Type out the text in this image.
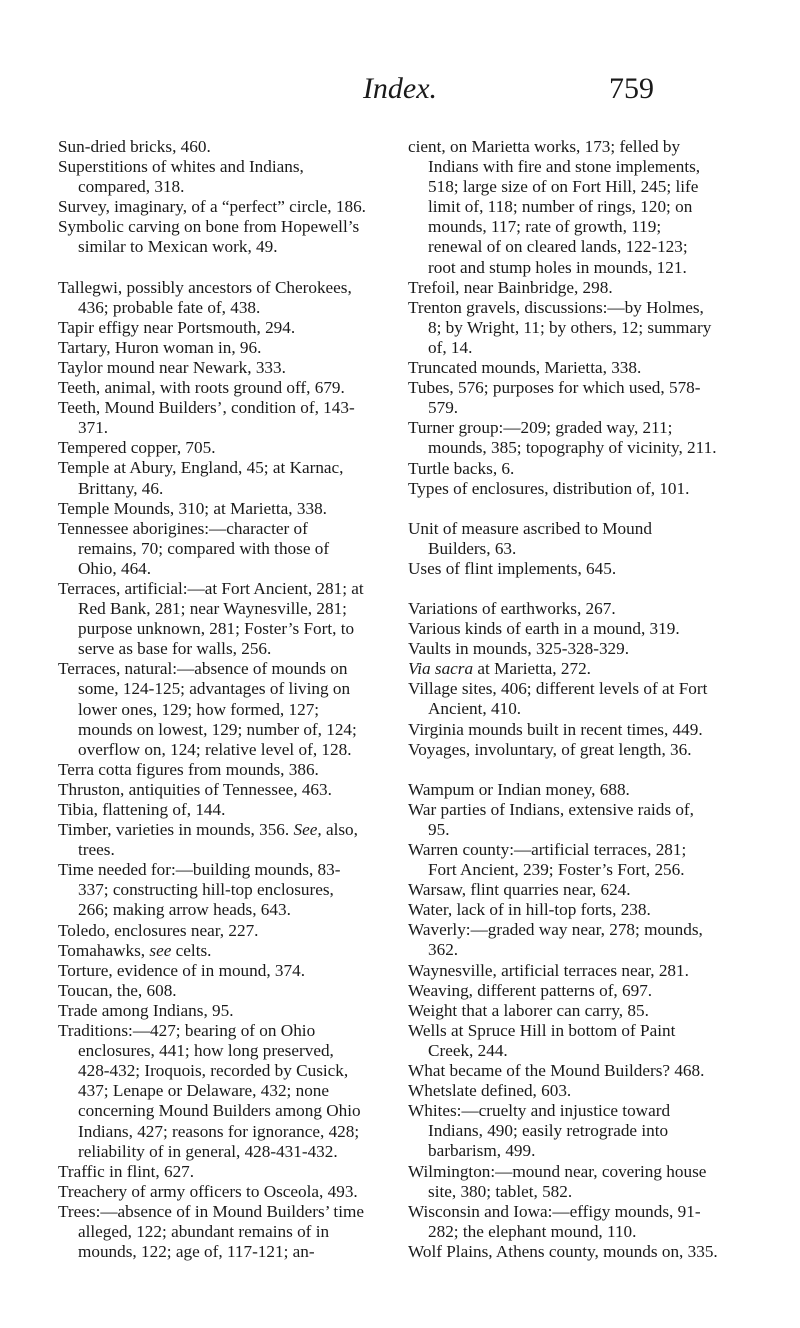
Index.	759

Sun-dried bricks, 460.

Superstitions of whites and Indians, compared, 318.

Survey, imaginary, of a “perfect” circle, 186.

Symbolic carving on bone from Hopewell’s similar to Mexican work, 49.

Tallegwi, possibly ancestors of Cherokees, 436; probable fate of, 438.

Tapir effigy near Portsmouth, 294.

Tartary, Huron woman in, 96.

Taylor mound near Newark, 333.

Teeth, animal, with roots ground off, 679.

Teeth, Mound Builders’, condition of, 143-371.

Tempered copper, 705.

Temple at Abury, England, 45; at Karnac, Brittany, 46.

Temple Mounds, 310; at Marietta, 338.

Tennessee aborigines:—character of remains, 70; compared with those of Ohio, 464.

Terraces, artificial:—at Fort Ancient, 281; at Red Bank, 281; near Waynesville, 281; purpose unknown, 281; Foster’s Fort, to serve as base for walls, 256.

Terraces, natural:—absence of mounds on some, 124-125; advantages of living on lower ones, 129; how formed, 127; mounds on lowest, 129; number of, 124; overflow on, 124; relative level of, 128.

Terra cotta figures from mounds, 386.

Thruston, antiquities of Tennessee, 463.

Tibia, flattening of, 144.

Timber, varieties in mounds, 356. See, also, trees.

Time needed for:—building mounds, 83-337; constructing hill-top enclosures, 266; making arrow heads, 643.

Toledo, enclosures near, 227.

Tomahawks, see celts.

Torture, evidence of in mound, 374.

Toucan, the, 608.

Trade among Indians, 95.

Traditions:—427; bearing of on Ohio enclosures, 441; how long preserved, 428-432; Iroquois, recorded by Cusick, 437; Lenape or Delaware, 432; none concerning Mound Builders among Ohio Indians, 427; reasons for ignorance, 428; reliability of in general, 428-431-432.

Traffic in flint, 627.

Treachery of army officers to Osceola, 493.

Trees:—absence of in Mound Builders’ time alleged, 122; abundant remains of in mounds, 122; age of, 117-121; an-

cient, on Marietta works, 173; felled by Indians with fire and stone implements, 518; large size of on Fort Hill, 245; life limit of, 118; number of rings, 120; on mounds, 117; rate of growth, 119; renewal of on cleared lands, 122-123; root and stump holes in mounds, 121.

Trefoil, near Bainbridge, 298.

Trenton gravels, discussions:—by Holmes, 8; by Wright, 11; by others, 12; summary of, 14.

Truncated mounds, Marietta, 338.

Tubes, 576; purposes for which used, 578-579.

Turner group:—209; graded way, 211; mounds, 385; topography of vicinity, 211.

Turtle backs, 6.

Types of enclosures, distribution of, 101.

Unit of measure ascribed to Mound Builders, 63.

Uses of flint implements, 645.

Variations of earthworks, 267.

Various kinds of earth in a mound, 319.

Vaults in mounds, 325-328-329.

Via sacra at Marietta, 272.

Village sites, 406; different levels of at Fort Ancient, 410.

Virginia mounds built in recent times, 449.

Voyages, involuntary, of great length, 36.

Wampum or Indian money, 688.

War parties of Indians, extensive raids of, 95.

Warren county:—artificial terraces, 281; Fort Ancient, 239; Foster’s Fort, 256.

Warsaw, flint quarries near, 624.

Water, lack of in hill-top forts, 238.

Waverly:—graded way near, 278; mounds, 362.

Waynesville, artificial terraces near, 281.

Weaving, different patterns of, 697.

Weight that a laborer can carry, 85.

Wells at Spruce Hill in bottom of Paint Creek, 244.

What became of the Mound Builders? 468.

Whetslate defined, 603.

Whites:—cruelty and injustice toward Indians, 490; easily retrograde into barbarism, 499.

Wilmington:—mound near, covering house site, 380; tablet, 582.

Wisconsin and Iowa:—effigy mounds, 91-282; the elephant mound, 110.

Wolf Plains, Athens county, mounds on, 335.
